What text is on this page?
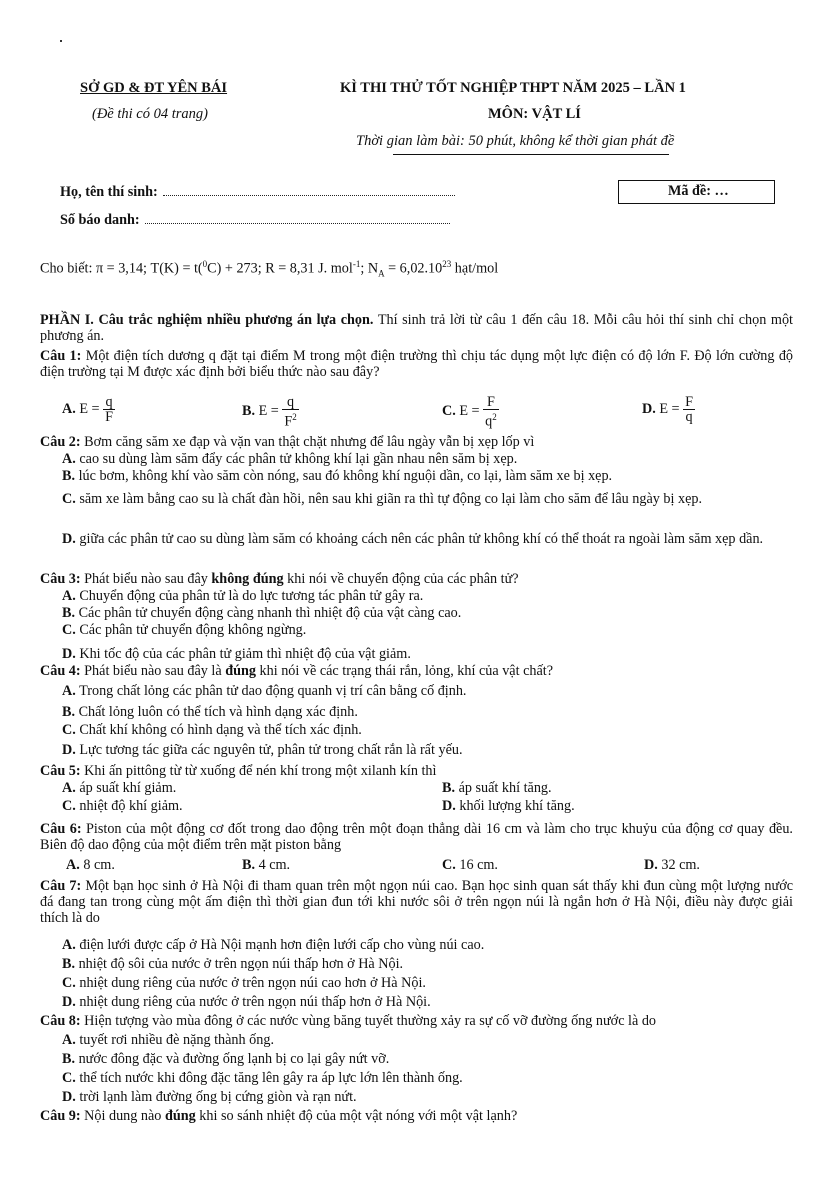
SỞ GD & ĐT YÊN BÁI
(Đề thi có 04 trang)
KÌ THI THỬ TỐT NGHIỆP THPT NĂM 2025 – LẦN 1
MÔN: VẬT LÍ
Thời gian làm bài: 50 phút, không kể thời gian phát đề
Họ, tên thí sinh:
Số báo danh:
Mã đề: …
Cho biết: π = 3,14; T(K) = t($^0$C) + 273; R = 8,31 J. mol$^{-1}$; $N_A = 6,02.10^{23}$ hạt/mol
PHẦN I. Câu trắc nghiệm nhiều phương án lựa chọn. Thí sinh trả lời từ câu 1 đến câu 18. Mỗi câu hỏi thí sinh chỉ chọn một phương án.
Câu 1: Một điện tích dương q đặt tại điểm M trong một điện trường thì chịu tác dụng một lực điện có độ lớn F. Độ lớn cường độ điện trường tại M được xác định bởi biểu thức nào sau đây?
A. $E = \frac{q}{F}$	B. $E = \frac{q}{F^2}$	C. $E = \frac{F}{q^2}$	D. $E = \frac{F}{q}$
Câu 2: Bơm căng săm xe đạp và vặn van thật chặt nhưng để lâu ngày vẫn bị xẹp lốp vì
A. cao su dùng làm săm đẩy các phân tử không khí lại gần nhau nên săm bị xẹp.
B. lúc bơm, không khí vào săm còn nóng, sau đó không khí nguội dần, co lại, làm săm xe bị xẹp.
C. săm xe làm bằng cao su là chất đàn hồi, nên sau khi giãn ra thì tự động co lại làm cho săm để lâu ngày bị xẹp.
D. giữa các phân tử cao su dùng làm săm có khoảng cách nên các phân tử không khí có thể thoát ra ngoài làm săm xẹp dần.
Câu 3: Phát biểu nào sau đây không đúng khi nói về chuyển động của các phân tử?
A. Chuyển động của phân tử là do lực tương tác phân tử gây ra.
B. Các phân tử chuyển động càng nhanh thì nhiệt độ của vật càng cao.
C. Các phân tử chuyển động không ngừng.
D. Khi tốc độ của các phân tử giảm thì nhiệt độ của vật giảm.
Câu 4: Phát biểu nào sau đây là đúng khi nói về các trạng thái rắn, lỏng, khí của vật chất?
A. Trong chất lỏng các phân tử dao động quanh vị trí cân bằng cố định.
B. Chất lỏng luôn có thể tích và hình dạng xác định.
C. Chất khí không có hình dạng và thể tích xác định.
D. Lực tương tác giữa các nguyên tử, phân tử trong chất rắn là rất yếu.
Câu 5: Khi ấn pittông từ từ xuống để nén khí trong một xilanh kín thì
A. áp suất khí giảm.	B. áp suất khí tăng.
C. nhiệt độ khí giảm.	D. khối lượng khí tăng.
Câu 6: Piston của một động cơ đốt trong dao động trên một đoạn thẳng dài 16 cm và làm cho trục khuỷu của động cơ quay đều. Biên độ dao động của một điểm trên mặt piston bằng
A. 8 cm.	B. 4 cm.	C. 16 cm.	D. 32 cm.
Câu 7: Một bạn học sinh ở Hà Nội đi tham quan trên một ngọn núi cao. Bạn học sinh quan sát thấy khi đun cùng một lượng nước đá đang tan trong cùng một ấm điện thì thời gian đun tới khi nước sôi ở trên ngọn núi là ngắn hơn ở Hà Nội, điều này được giải thích là do
A. điện lưới được cấp ở Hà Nội mạnh hơn điện lưới cấp cho vùng núi cao.
B. nhiệt độ sôi của nước ở trên ngọn núi thấp hơn ở Hà Nội.
C. nhiệt dung riêng của nước ở trên ngọn núi cao hơn ở Hà Nội.
D. nhiệt dung riêng của nước ở trên ngọn núi thấp hơn ở Hà Nội.
Câu 8: Hiện tượng vào mùa đông ở các nước vùng băng tuyết thường xảy ra sự cố vỡ đường ống nước là do
A. tuyết rơi nhiều đè nặng thành ống.
B. nước đông đặc và đường ống lạnh bị co lại gây nứt vỡ.
C. thể tích nước khi đông đặc tăng lên gây ra áp lực lớn lên thành ống.
D. trời lạnh làm đường ống bị cứng giòn và rạn nứt.
Câu 9: Nội dung nào đúng khi so sánh nhiệt độ của một vật nóng với một vật lạnh?
